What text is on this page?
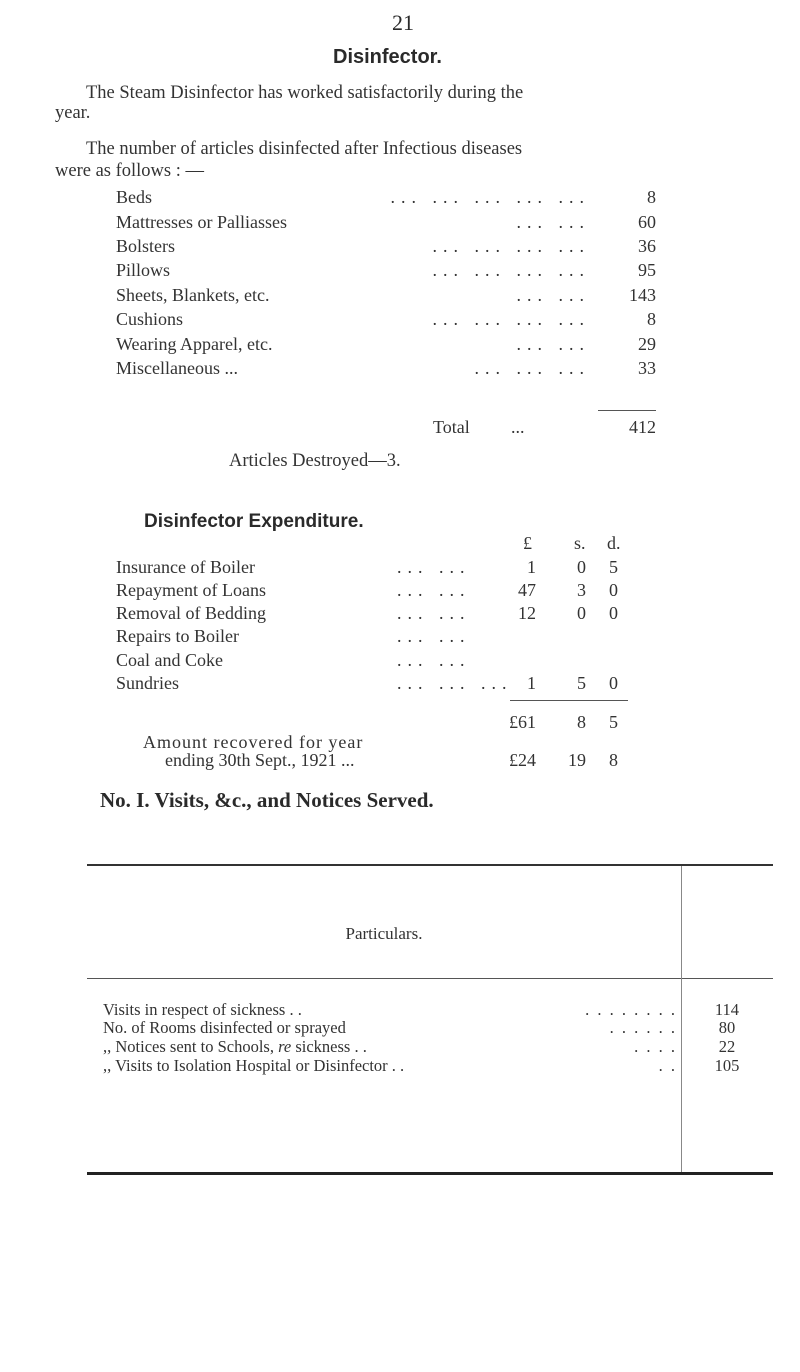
21
Disinfector.
The Steam Disinfector has worked satisfactorily during the
year.
The number of articles disinfected after Infectious diseases
were as follows : —
Beds	... ... ... ... ...	8
Mattresses or Palliasses	... ...	60
Bolsters	... ... ... ...	36
Pillows	... ... ... ...	95
Sheets, Blankets, etc.	... ...	143
Cushions	... ... ... ...	8
Wearing Apparel, etc.	... ...	29
Miscellaneous ...	... ... ...	33
Total ...	412
Articles Destroyed—3.
Disinfector Expenditure.
£ s. d.
Insurance of Boiler	... ...	1	0	5
Repayment of Loans	... ...	47	3	0
Removal of Bedding	... ...	12	0	0
Repairs to Boiler	... ...
Coal and Coke	... ...
Sundries	... ... ... 1	5	0
£61	8	5
Amount recovered for year
ending 30th Sept., 1921 ...	£24 19	8
No. I. Visits, &c., and Notices Served.
Particulars.
Visits in respect of sickness . .	. . . . . . . .	114
No. of Rooms disinfected or sprayed	. . . . . .	80
,, Notices sent to Schools, re sickness . .	. . . .	22
,, Visits to Isolation Hospital or Disinfector . .	. .	105
